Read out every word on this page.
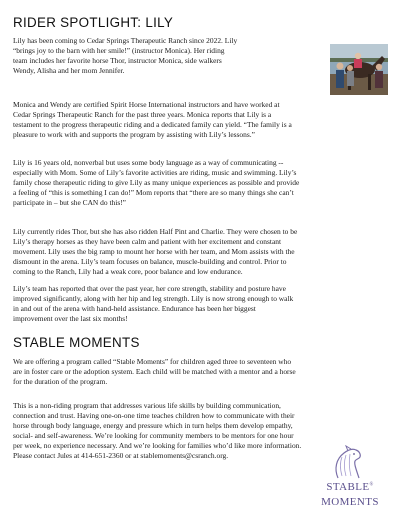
RIDER SPOTLIGHT: LILY

Lily has been coming to Cedar Springs Therapeutic Ranch since 2022. Lily
“brings joy to the barn with her smile!” (instructor Monica). Her riding
team includes her favorite horse Thor, instructor Monica, side walkers
Wendy, Alisha and her mom Jennifer.

Monica and Wendy are certified Spirit Horse International instructors and have worked at
Cedar Springs Therapeutic Ranch for the past three years. Monica reports that Lily is a
testament to the progress therapeutic riding and a dedicated family can yield. “The family is a
pleasure to work with and supports the program by assisting with Lily’s lessons.”

Lily is 16 years old, nonverbal but uses some body language as a way of communicating --
especially with Mom. Some of Lily’s favorite activities are riding, music and swimming. Lily’s
family chose therapeutic riding to give Lily as many unique experiences as possible and provide
a feeling of “this is something I can do!” Mom reports that “there are so many things she can’t
participate in – but she CAN do this!”

Lily currently rides Thor, but she has also ridden Half Pint and Charlie. They were chosen to be
Lily’s therapy horses as they have been calm and patient with her excitement and constant
movement. Lily uses the big ramp to mount her horse with her team, and Mom assists with the
dismount in the arena. Lily’s team focuses on balance, muscle-building and control. Prior to
coming to the Ranch, Lily had a weak core, poor balance and low endurance.

Lily’s team has reported that over the past year, her core strength, stability and posture have
improved significantly, along with her hip and leg strength. Lily is now strong enough to walk
in and out of the arena with hand-held assistance. Endurance has been her biggest
improvement over the last six months!

STABLE MOMENTS

We are offering a program called “Stable Moments” for children aged three to seventeen who
are in foster care or the adoption system. Each child will be matched with a mentor and a horse
for the duration of the program.

This is a non-riding program that addresses various life skills by building communication,
connection and trust. Having one-on-one time teaches children how to communicate with their
horse through body language, energy and pressure which in turn helps them develop empathy,
social- and self-awareness. We’re looking for community members to be mentors for one hour
per week, no experience necessary. And we’re looking for families who’d like more information.
Please contact Jules at 414-651-2360 or at stablemoments@csranch.org.

STABLE®
MOMENTS
